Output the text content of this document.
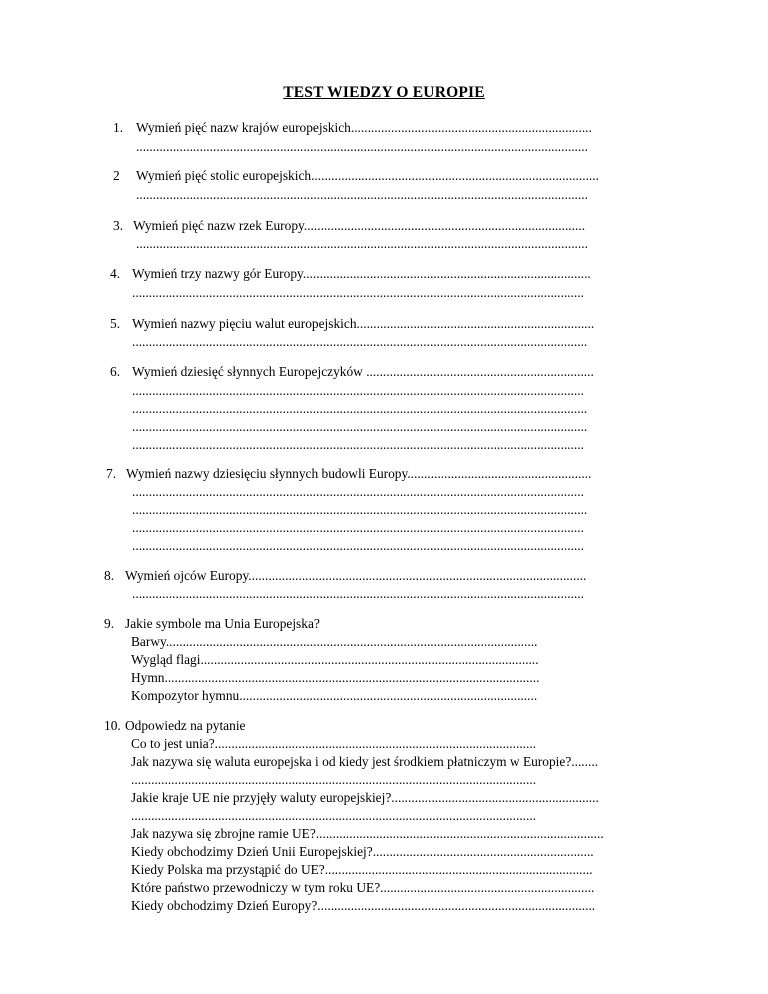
TEST WIEDZY O EUROPIE
1. Wymień pięć nazw krajów europejskich........................................................................
.......................................................................................................................................
2 Wymień pięć stolic europejskich......................................................................................
.......................................................................................................................................
3. Wymień pięć nazw rzek Europy....................................................................................
.......................................................................................................................................
4. Wymień trzy nazwy gór Europy......................................................................................
.......................................................................................................................................
5. Wymień nazwy pięciu walut europejskich.......................................................................
........................................................................................................................................
6. Wymień dziesięć słynnych Europejczyków ....................................................................
.......................................................................................................................................
........................................................................................................................................
........................................................................................................................................
.......................................................................................................................................
7. Wymień nazwy dziesięciu słynnych budowli Europy.......................................................
.......................................................................................................................................
........................................................................................................................................
.......................................................................................................................................
.......................................................................................................................................
8. Wymień ojców Europy.....................................................................................................
.......................................................................................................................................
9. Jakie symbole ma Unia Europejska?
Barwy...............................................................................................................
Wygląd flagi.....................................................................................................
Hymn................................................................................................................
Kompozytor hymnu.........................................................................................
10. Odpowiedz na pytanie
Co to jest unia?................................................................................................
Jak nazywa się waluta europejska i od kiedy jest środkiem płatniczym w Europie?........
.........................................................................................................................
Jakie kraje UE nie przyjęły waluty europejskiej?..............................................................
.........................................................................................................................
Jak nazywa się zbrojne ramie UE?......................................................................................
Kiedy obchodzimy Dzień Unii Europejskiej?..................................................................
Kiedy Polska ma przystąpić do UE?................................................................................
Które państwo przewodniczy w tym roku UE?................................................................
Kiedy obchodzimy Dzień Europy?...................................................................................
